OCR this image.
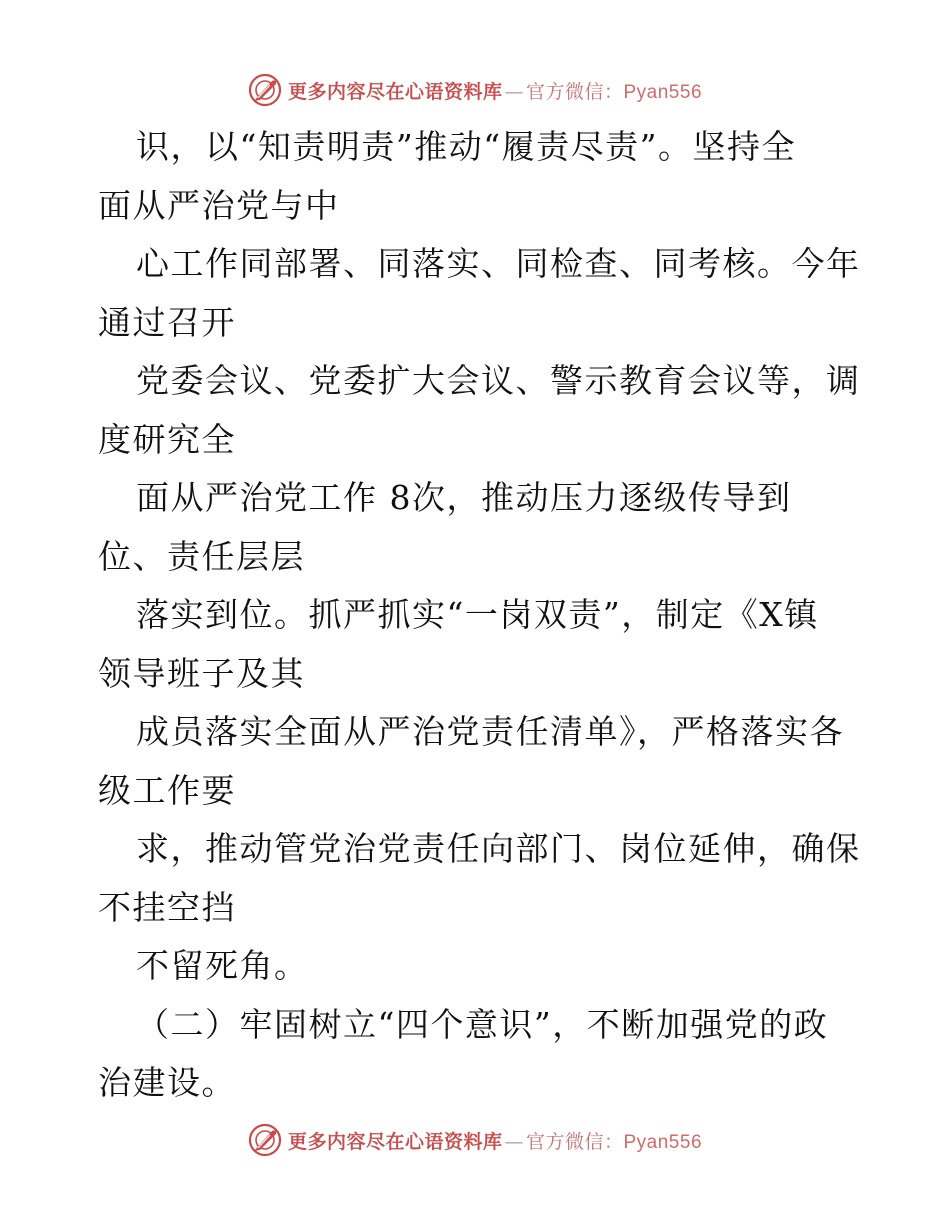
更多内容尽在心语资料库 — 官方微信：Pyan556
识，以“知责明责”推动“履责尽责”。坚持全
面从严治党与中
心工作同部署、同落实、同检查、同考核。今年
通过召开
党委会议、党委扩大会议、警示教育会议等，调
度研究全
面从严治党工作 8次，推动压力逐级传导到
位、责任层层
落实到位。抓严抓实“一岗双责”，制定《X镇
领导班子及其
成员落实全面从严治党责任清单》，严格落实各
级工作要
求，推动管党治党责任向部门、岗位延伸，确保
不挂空挡
不留死角。
（二）牢固树立“四个意识”，不断加强党的政
治建设。
更多内容尽在心语资料库 — 官方微信：Pyan556
